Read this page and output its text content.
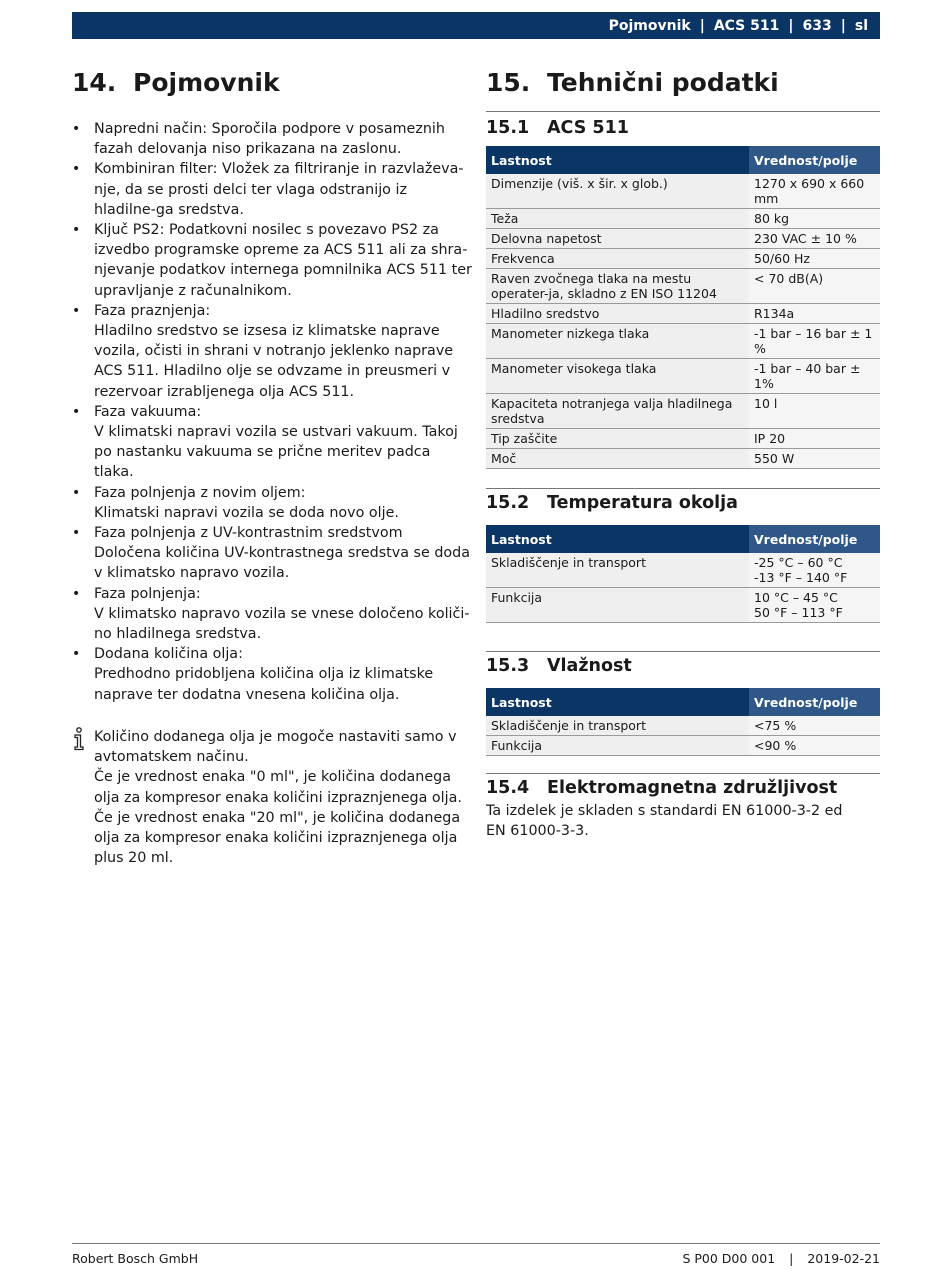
Pojmovnik | ACS 511 | 633 | sl
14. Pojmovnik
• Napredni način: Sporočila podpore v posameznih fazah delovanja niso prikazana na zaslonu.
• Kombiniran filter: Vložek za filtriranje in razvlaževa-nje, da se prosti delci ter vlaga odstranijo iz hladilne-ga sredstva.
• Ključ PS2: Podatkovni nosilec s povezavo PS2 za izvedbo programske opreme za ACS 511 ali za shra-njevanje podatkov internega pomnilnika ACS 511 ter upravljanje z računalnikom.
• Faza praznjenja:
Hladilno sredstvo se izsesa iz klimatske naprave vozila, očisti in shrani v notranjo jeklenko naprave ACS 511. Hladilno olje se odvzame in preusmeri v rezervoar izrabljenega olja ACS 511.
• Faza vakuuma:
V klimatski napravi vozila se ustvari vakuum. Takoj po nastanku vakuuma se prične meritev padca tlaka.
• Faza polnjenja z novim oljem:
Klimatski napravi vozila se doda novo olje.
• Faza polnjenja z UV-kontrastnim sredstvom
Določena količina UV-kontrastnega sredstva se doda v klimatsko napravo vozila.
• Faza polnjenja:
V klimatsko napravo vozila se vnese določeno količi-no hladilnega sredstva.
• Dodana količina olja:
Predhodno pridobljena količina olja iz klimatske naprave ter dodatna vnesena količina olja.

Količino dodanega olja je mogoče nastaviti samo v avtomatskem načinu.
Če je vrednost enaka "0 ml", je količina dodanega olja za kompresor enaka količini izpraznjenega olja.
Če je vrednost enaka "20 ml", je količina dodanega olja za kompresor enaka količini izpraznjenega olja plus 20 ml.

15. Tehnični podatki
15.1	ACS 511
Lastnost	Vrednost/polje
Dimenzije (viš. x šir. x glob.)	1270 x 690 x 660 mm
Teža	80 kg
Delovna napetost	230 VAC ± 10 %
Frekvenca	50/60 Hz
Raven zvočnega tlaka na mestu operater-ja, skladno z EN ISO 11204	< 70 dB(A)
Hladilno sredstvo	R134a
Manometer nizkega tlaka	-1 bar – 16 bar ± 1 %
Manometer visokega tlaka	-1 bar – 40 bar ± 1%
Kapaciteta notranjega valja hladilnega sredstva	10 l
Tip zaščite	IP 20
Moč	550 W
15.2	Temperatura okolja
Lastnost	Vrednost/polje
Skladiščenje in transport	-25 °C – 60 °C
-13 °F – 140 °F
Funkcija	10 °C – 45 °C
50 °F – 113 °F
15.3	Vlažnost
Lastnost	Vrednost/polje
Skladiščenje in transport	<75 %
Funkcija	<90 %
15.4	Elektromagnetna združljivost

Ta izdelek je skladen s standardi EN 61000-3-2 ed
EN 61000-3-3.

Robert Bosch GmbH	S P00 D00 001 | 2019-02-21
